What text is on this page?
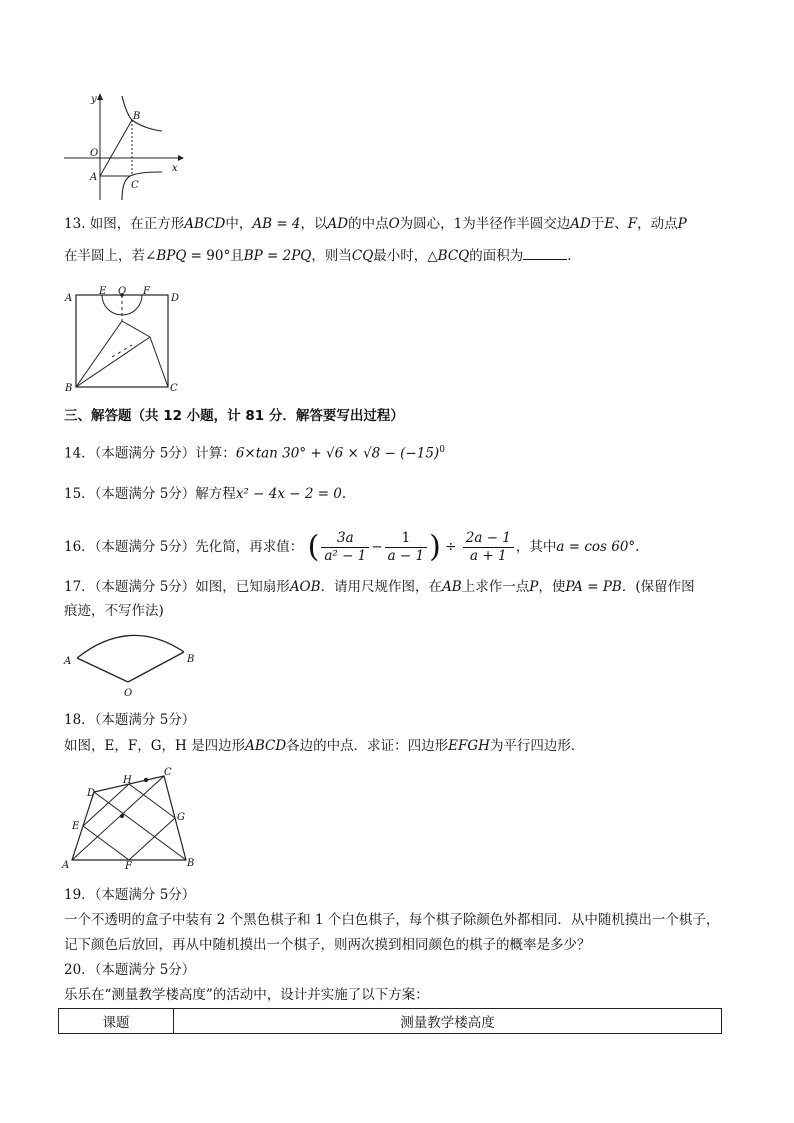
y
x
O
A
B
C
13. 如图，在正方形ABCD中，AB = 4，以AD的中点O为圆心，1为半径作半圆交边AD于E、F，动点P
在半圆上，若∠BPQ = 90°且BP = 2PQ，则当CQ最小时，△BCQ的面积为	.
A
E O F
D
B	C
三、解答题（共 12 小题，计 81 分．解答要写出过程）
14．（本题满分 5分）计算：6×tan $30^\circ + √6 \times √8 - (-15)^0$
15．（本题满分 5分）解方程x² − 4x − 2 = 0.
16．（本题满分 5分）先化简，再求值： ( $\frac{3a}{\text{a² − 1}} - \frac{1}{a - 1}$ ) ÷ $\frac{2a - 1}{a + 1}$ ，其中a = cos 60°.
17．（本题满分 5分）如图，已知扇形AOB．请用尺规作图，在AB上求作一点P，使PA = PB．(保留作图
痕迹，不写作法)
A	B
O
18．（本题满分 5分）
如图，E，F，G，H 是四边形ABCD各边的中点．求证：四边形EFGH为平行四边形．
A	B
C
D
E
F
G
H
19．（本题满分 5分）
一个不透明的盒子中装有 2 个黑色棋子和 1 个白色棋子，每个棋子除颜色外都相同．从中随机摸出一个棋子，
记下颜色后放回，再从中随机摸出一个棋子，则两次摸到相同颜色的棋子的概率是多少？
20．（本题满分 5分）
乐乐在“测量教学楼高度”的活动中，设计并实施了以下方案：
课题	测量教学楼高度
